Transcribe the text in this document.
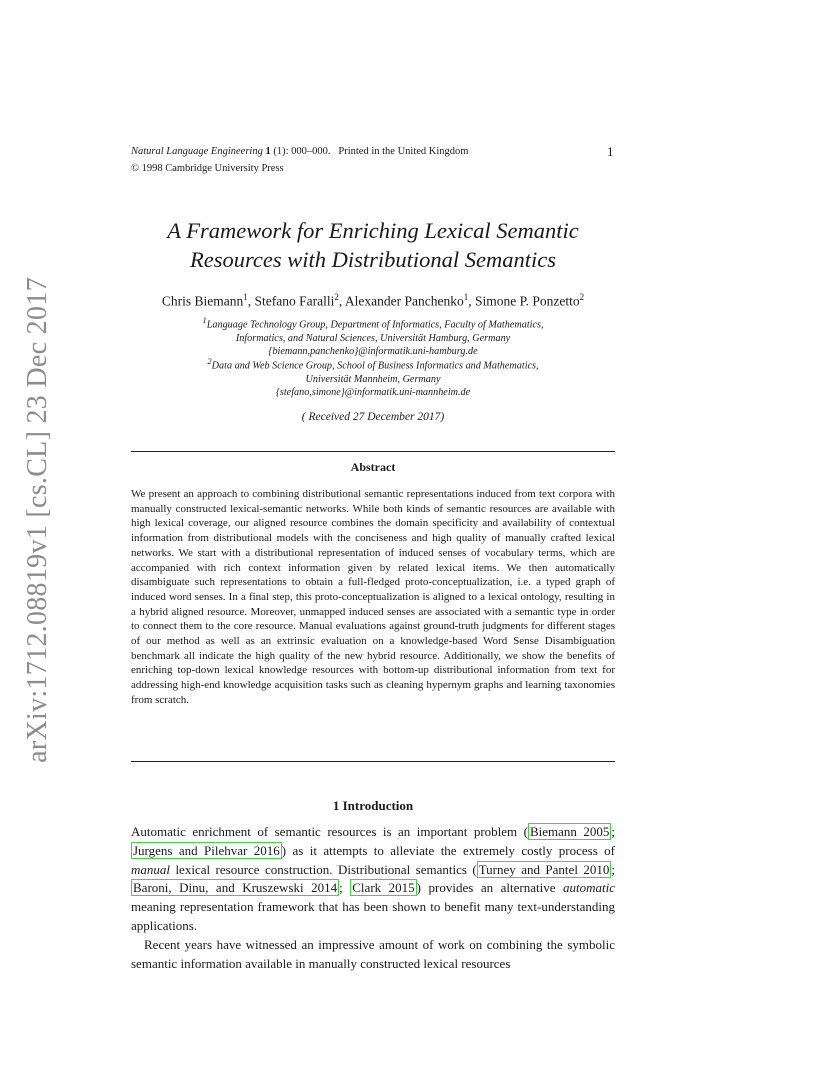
arXiv:1712.08819v1 [cs.CL] 23 Dec 2017
Natural Language Engineering 1 (1): 000–000. Printed in the United Kingdom	1
© 1998 Cambridge University Press
A Framework for Enriching Lexical Semantic
Resources with Distributional Semantics
Chris Biemann$^1$, Stefano Faralli$^2$, Alexander Panchenko$^1$, Simone P. Ponzetto$^2$
$^1$Language Technology Group, Department of Informatics, Faculty of Mathematics,
Informatics, and Natural Sciences, Universität Hamburg, Germany
{biemann,panchenko}@informatik.uni-hamburg.de
$^2$Data and Web Science Group, School of Business Informatics and Mathematics,
Universität Mannheim, Germany
{stefano,simone}@informatik.uni-mannheim.de
( Received 27 December 2017)
Abstract
We present an approach to combining distributional semantic representations induced from text corpora with manually constructed lexical-semantic networks. While both kinds of semantic resources are available with high lexical coverage, our aligned resource combines the domain specificity and availability of contextual information from distributional models with the conciseness and high quality of manually crafted lexical networks. We start with a distributional representation of induced senses of vocabulary terms, which are accompanied with rich context information given by related lexical items. We then automatically disambiguate such representations to obtain a full-fledged proto-conceptualization, i.e. a typed graph of induced word senses. In a final step, this proto-conceptualization is aligned to a lexical ontology, resulting in a hybrid aligned resource. Moreover, unmapped induced senses are associated with a semantic type in order to connect them to the core resource. Manual evaluations against ground-truth judgments for different stages of our method as well as an extrinsic evaluation on a knowledge-based Word Sense Disambiguation benchmark all indicate the high quality of the new hybrid resource. Additionally, we show the benefits of enriching top-down lexical knowledge resources with bottom-up distributional information from text for addressing high-end knowledge acquisition tasks such as cleaning hypernym graphs and learning taxonomies from scratch.
1 Introduction

Automatic enrichment of semantic resources is an important problem ( Biemann 2005 ; Jurgens and Pilehvar 2016 ) as it attempts to alleviate the extremely costly process of manual lexical resource construction. Distributional semantics ( Turney and Pantel 2010 ; Baroni, Dinu, and Kruszewski 2014 ; Clark 2015 ) provides an alternative automatic meaning representation framework that has been shown to benefit many text-understanding applications.

Recent years have witnessed an impressive amount of work on combining the symbolic semantic information available in manually constructed lexical resources
